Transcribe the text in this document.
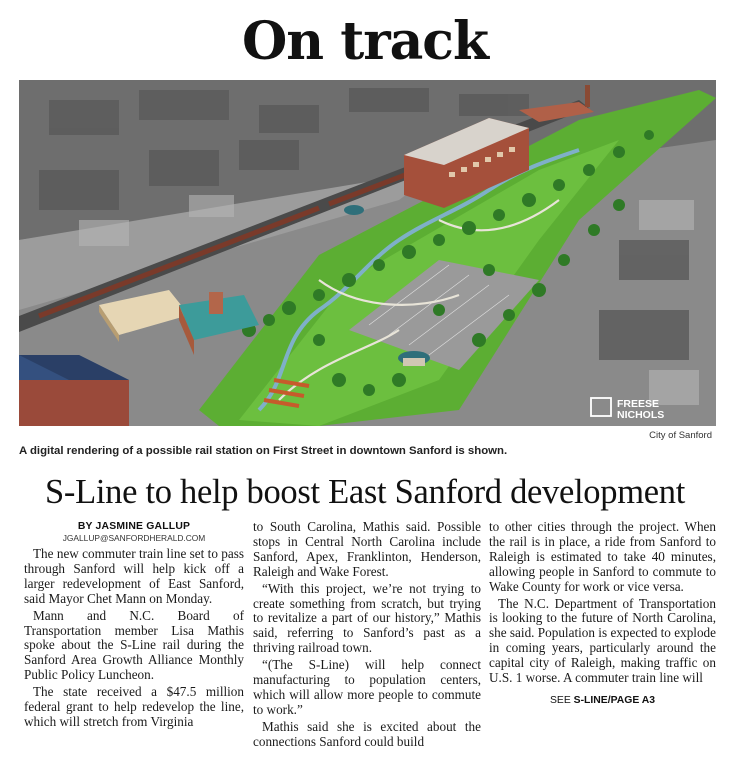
On track
FREESE
NICHOLS
City of Sanford
A digital rendering of a possible rail station on First Street in downtown Sanford is shown.
S-Line to help boost East Sanford development
BY JASMINE GALLUP
JGALLUP@SANFORDHERALD.COM

The new commuter train line set to pass through Sanford will help kick off a larger redevelopment of East Sanford, said Mayor Chet Mann on Monday.

Mann and N.C. Board of Transportation member Lisa Mathis spoke about the S-Line rail during the Sanford Area Growth Alliance Monthly Public Policy Luncheon.

The state received a $47.5 million federal grant to help redevelop the line, which will stretch from Virginia

to South Carolina, Mathis said. Possible stops in Central North Carolina include Sanford, Apex, Franklinton, Henderson, Raleigh and Wake Forest.

“With this project, we’re not trying to create something from scratch, but trying to revitalize a part of our history,” Mathis said, referring to Sanford’s past as a thriving railroad town.

“(The S-Line) will help connect manufacturing to population centers, which will allow more people to commute to work.”

Mathis said she is excited about the connections Sanford could build

to other cities through the project. When the rail is in place, a ride from Sanford to Raleigh is estimated to take 40 minutes, allowing people in Sanford to commute to Wake County for work or vice versa.

The N.C. Department of Transportation is looking to the future of North Carolina, she said. Population is expected to explode in coming years, particularly around the capital city of Raleigh, making traffic on U.S. 1 worse. A commuter train line will

SEE S-LINE/PAGE A3
